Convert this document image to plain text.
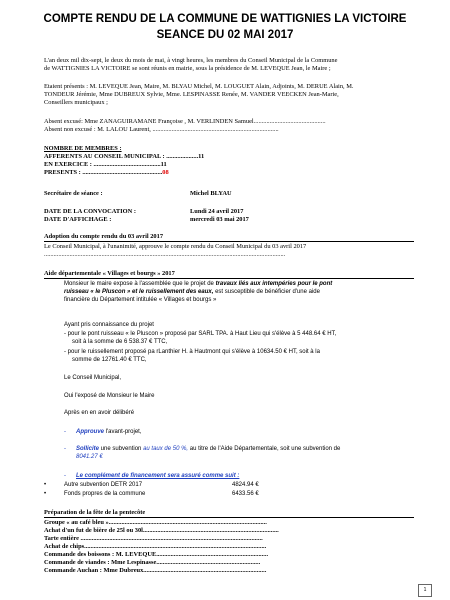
COMPTE RENDU DE LA COMMUNE DE WATTIGNIES LA VICTOIRE
SEANCE DU 02 MAI 2017
L'an deux mil dix-sept, le deux du mois de mai, à vingt heures, les membres du Conseil Municipal de la Commune
de WATTIGNIES LA VICTOIRE se sont réunis en mairie, sous la présidence de M. LEVEQUE Jean, le Maire ;
Etaient présents : M. LEVEQUE Jean, Maire, M. BLYAU Michel, M. LOUGUET Alain, Adjoints, M. DERUE Alain, M.
TONDEUR Jérémie, Mme DUBREUX Sylvie, Mme. LESPINASSE Renée, M. VANDER VEECKEN Jean-Marie,
Conseillers municipaux ;
Absent excusé: Mme ZANAGUIRAMANE Françoise , M. VERLINDEN Samuel.............................................
Absent non excusé : M. LALOU Laurent, ...............................................................................
NOMBRE DE MEMBRES :
AFFERENTS AU CONSEIL MUNICIPAL : ....................11
EN EXERCICE : ..........................................11
PRESENTS : ..................................................08
Secrétaire de séance :	Michel BLYAU
DATE DE LA CONVOCATION :	Lundi 24 avril 2017
DATE D'AFFICHAGE :	mercredi 03 mai 2017
Adoption du compte rendu du 03 avril 2017
Le Conseil Municipal, à l'unanimité, approuve le compte rendu du Conseil Municipal du 03 avril 2017
.......................................................................................................................................................
Aide départementale « Villages et bourgs » 2017
Monsieur le maire expose à l'assemblée que le projet de travaux liés aux intempéries pour le pont
ruisseau « le Pluscon » et le ruissellement des eaux, est susceptible de bénéficier d'une aide
financière du Département intitulée « Villages et bourgs »
Ayant pris connaissance du projet
- pour le pont ruisseau « le Pluscon » proposé par SARL TPA. à Haut Lieu qui s'élève à 5 448.64 € HT,
soit à la somme de 6 538.37 € TTC,
- pour le ruissellement proposé pa rLanthier H. à Hautmont qui s'élève à 10634.50 € HT, soit à la
somme de 12761.40 € TTC,
Le Conseil Municipal,
Oui l'exposé de Monsieur le Maire
Après en en avoir délibéré
- Approuve l'avant-projet,
- Sollicite une subvention au taux de 50 %, au titre de l'Aide Départementale, soit une subvention de
8041.27 €
- Le complément de financement sera assuré comme suit :
•	Autre subvention DETR 2017	4824.94 €
•	Fonds propres de la commune	6433.56 €
Préparation de la fête de la pentecôte
Groupe « au café bleu »...................................................................................................
Achat d'un fut de bière de 25l ou 30l.....................................................................................
Tarte entière ..................................................................................................................
Achat de chips..................................................................................................................
Commande des boissons : M. LEVEQUE......................................................................
Commande de viandes : Mme Lespinasse.................................................................
Commande Auchan : Mme Dubreux.............................................................................
1
